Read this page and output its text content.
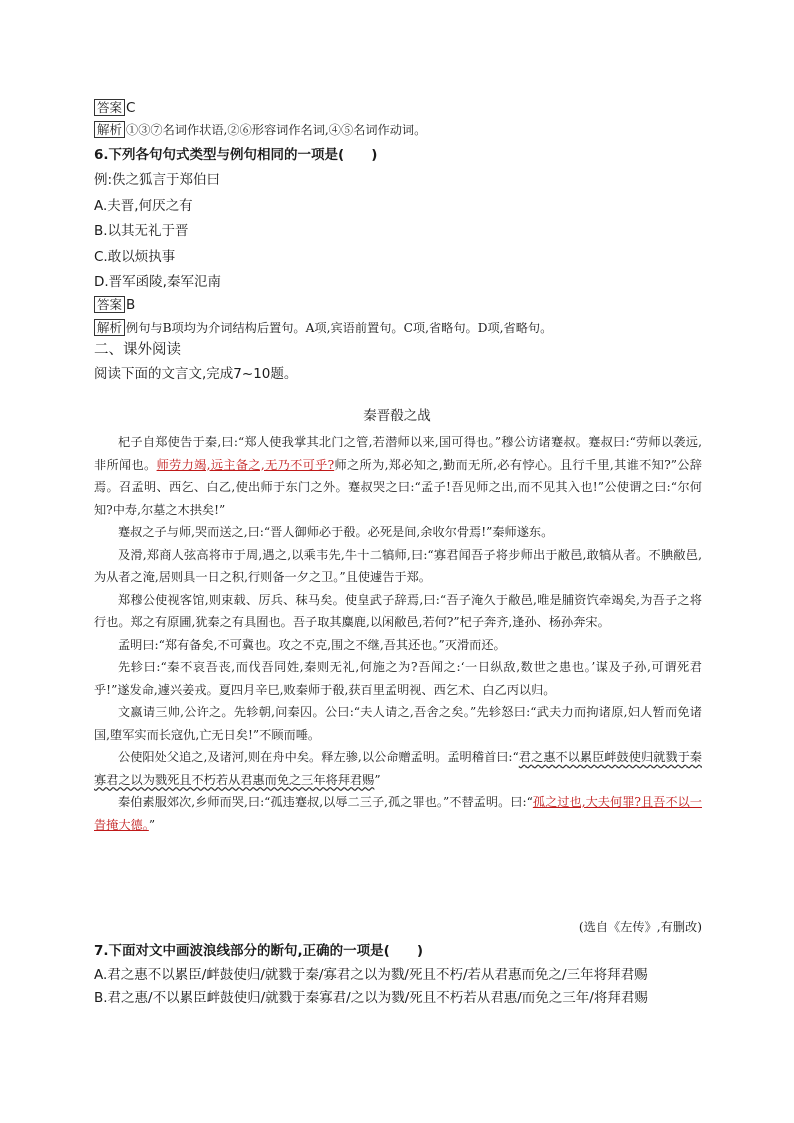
答案 C
解析 ①③⑦名词作状语,②⑥形容词作名词,④⑤名词作动词。
6.下列各句句式类型与例句相同的一项是(　　)
例:佚之狐言于郑伯曰
A.夫晋,何厌之有
B.以其无礼于晋
C.敢以烦执事
D.晋军函陵,秦军氾南
答案 B
解析 例句与B项均为介词结构后置句。A项,宾语前置句。C项,省略句。D项,省略句。
二、课外阅读
阅读下面的文言文,完成7~10题。
秦晋殽之战

杞子自郑使告于秦,曰:“郑人使我掌其北门之管,若潜师以来,国可得也。”穆公访诸蹇叔。蹇叔曰:“劳师以袭远,非所闻也。师劳力竭,远主备之,无乃不可乎?师之所为,郑必知之,勤而无所,必有悖心。且行千里,其谁不知?”公辞焉。召孟明、西乞、白乙,使出师于东门之外。蹇叔哭之曰:“孟子!吾见师之出,而不见其入也!”公使谓之曰:“尔何知?中寿,尔墓之木拱矣!”

蹇叔之子与师,哭而送之,曰:“晋人御师必于殽。必死是间,余收尔骨焉!”秦师遂东。

及滑,郑商人弦高将市于周,遇之,以乘韦先,牛十二犒师,曰:“寡君闻吾子将步师出于敝邑,敢犒从者。不腆敝邑,为从者之淹,居则具一日之积,行则备一夕之卫。”且使遽告于郑。

郑穆公使视客馆,则束载、厉兵、秣马矣。使皇武子辞焉,曰:“吾子淹久于敝邑,唯是脯资饩牵竭矣,为吾子之将行也。郑之有原圃,犹秦之有具囿也。吾子取其麋鹿,以闲敝邑,若何?”杞子奔齐,逢孙、杨孙奔宋。

孟明曰:“郑有备矣,不可冀也。攻之不克,围之不继,吾其还也。”灭滑而还。

先轸曰:“秦不哀吾丧,而伐吾同姓,秦则无礼,何施之为?吾闻之:‘一日纵敌,数世之患也。’谋及子孙,可谓死君乎!”遂发命,遽兴姜戎。夏四月辛巳,败秦师于殽,获百里孟明视、西乞术、白乙丙以归。

文嬴请三帅,公许之。先轸朝,问秦囚。公曰:“夫人请之,吾舍之矣。”先轸怒曰:“武夫力而拘诸原,妇人暂而免诸国,堕军实而长寇仇,亡无日矣!”不顾而唾。

公使阳处父追之,及诸河,则在舟中矣。释左骖,以公命赠孟明。孟明稽首曰:“君之惠不以累臣衅鼓使归就戮于秦寡君之以为戮死且不朽若从君惠而免之三年将拜君赐”

秦伯素服郊次,乡师而哭,曰:“孤违蹇叔,以辱二三子,孤之罪也。”不替孟明。曰:“孤之过也,大夫何罪?且吾不以一眚掩大德。”

(选自《左传》,有删改)
7.下面对文中画波浪线部分的断句,正确的一项是(　　)
A.君之惠不以累臣/衅鼓使归/就戮于秦/寡君之以为戮/死且不朽/若从君惠而免之/三年将拜君赐
B.君之惠/不以累臣衅鼓使归/就戮于秦寡君/之以为戮/死且不朽若从君惠/而免之三年/将拜君赐
